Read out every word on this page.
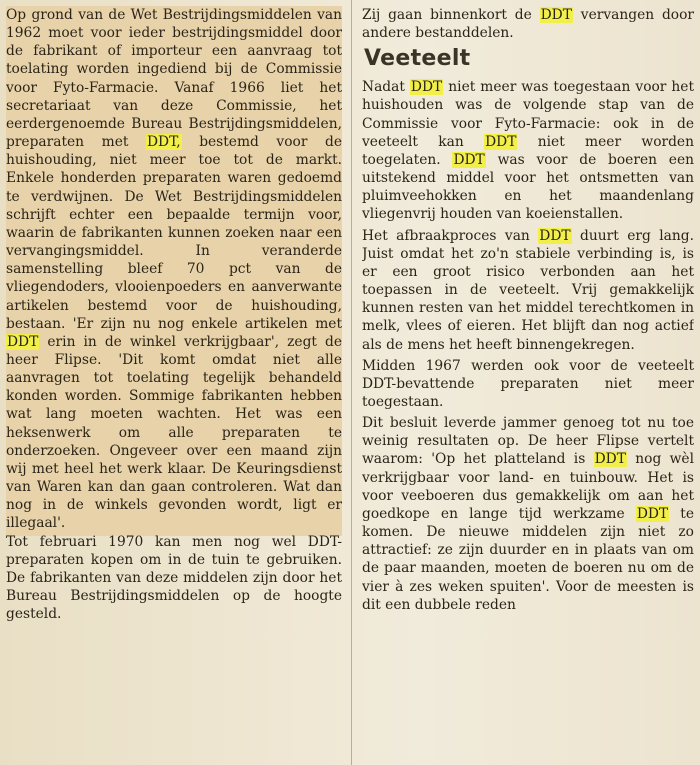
Op grond van de Wet Bestrijdingsmiddelen van 1962 moet voor ieder bestrijdingsmiddel door de fabrikant of importeur een aanvraag tot toelating worden ingediend bij de Commissie voor Fyto-Farmacie. Vanaf 1966 liet het secretariaat van deze Commissie, het eerdergenoemde Bureau Bestrijdingsmiddelen, preparaten met DDT, bestemd voor de huishouding, niet meer toe tot de markt. Enkele honderden preparaten waren gedoemd te verdwijnen. De Wet Bestrijdingsmiddelen schrijft echter een bepaalde termijn voor, waarin de fabrikanten kunnen zoeken naar een vervangingsmiddel. In veranderde samenstelling bleef 70 pct van de vliegendoders, vlooienpoeders en aanverwante artikelen bestemd voor de huishouding, bestaan. 'Er zijn nu nog enkele artikelen met DDT erin in de winkel verkrijgbaar', zegt de heer Flipse. 'Dit komt omdat niet alle aanvragen tot toelating tegelijk behandeld konden worden. Sommige fabrikanten hebben wat lang moeten wachten. Het was een heksenwerk om alle preparaten te onderzoeken. Ongeveer over een maand zijn wij met heel het werk klaar. De Keuringsdienst van Waren kan dan gaan controleren. Wat dan nog in de winkels gevonden wordt, ligt er illegaal'.

Tot februari 1970 kan men nog wel DDT-preparaten kopen om in de tuin te gebruiken. De fabrikanten van deze middelen zijn door het Bureau Bestrijdingsmiddelen op de hoogte gesteld.

Zij gaan binnenkort de DDT vervangen door andere bestanddelen.

Veeteelt

Nadat DDT niet meer was toegestaan voor het huishouden was de volgende stap van de Commissie voor Fyto-Farmacie: ook in de veeteelt kan DDT niet meer worden toegelaten. DDT was voor de boeren een uitstekend middel voor het ontsmetten van pluimveehokken en het maandenlang vliegenvrij houden van koeienstallen.

Het afbraakproces van DDT duurt erg lang. Juist omdat het zo'n stabiele verbinding is, is er een groot risico verbonden aan het toepassen in de veeteelt. Vrij gemakkelijk kunnen resten van het middel terechtkomen in melk, vlees of eieren. Het blijft dan nog actief als de mens het heeft binnengekregen.

Midden 1967 werden ook voor de veeteelt DDT-bevattende preparaten niet meer toegestaan.

Dit besluit leverde jammer genoeg tot nu toe weinig resultaten op. De heer Flipse vertelt waarom: 'Op het platteland is DDT nog wèl verkrijgbaar voor land- en tuinbouw. Het is voor veeboeren dus gemakkelijk om aan het goedkope en lange tijd werkzame DDT te komen. De nieuwe middelen zijn niet zo attractief: ze zijn duurder en in plaats van om de paar maanden, moeten de boeren nu om de vier à zes weken spuiten'. Voor de meesten is dit een dubbele reden
